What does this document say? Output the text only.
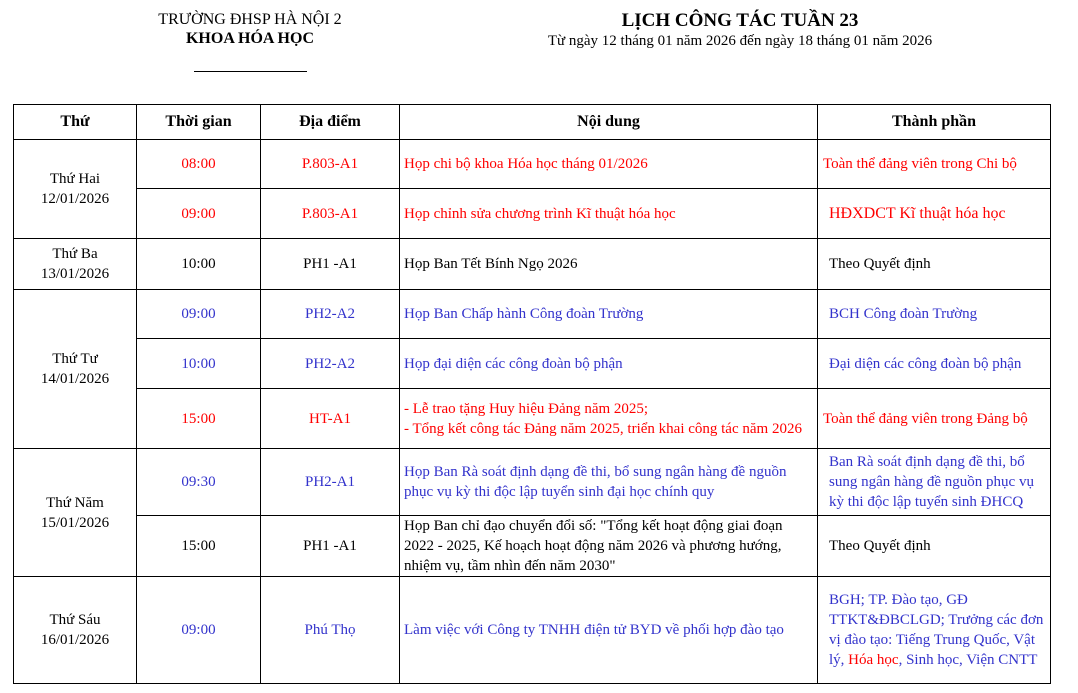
TRƯỜNG ĐHSP HÀ NỘI 2
KHOA HÓA HỌC
LỊCH CÔNG TÁC TUẦN 23
Từ ngày 12 tháng 01 năm 2026 đến ngày 18 tháng 01 năm 2026
Thứ	Thời gian	Địa điểm	Nội dung	Thành phần

Thứ Hai
12/01/2026	08:00	P.803-A1	Họp chi bộ khoa Hóa học tháng 01/2026	Toàn thể đảng viên trong Chi bộ
	09:00	P.803-A1	Họp chỉnh sửa chương trình Kĩ thuật hóa học	HĐXDCT Kĩ thuật hóa học

Thứ Ba
13/01/2026	10:00	PH1 -A1	Họp Ban Tết Bính Ngọ 2026	Theo Quyết định

Thứ Tư
14/01/2026	09:00	PH2-A2	Họp Ban Chấp hành Công đoàn Trường	BCH Công đoàn Trường
	10:00	PH2-A2	Họp đại diện các công đoàn bộ phận	Đại diện các công đoàn bộ phận
	15:00	HT-A1	- Lễ trao tặng Huy hiệu Đảng năm 2025;
- Tổng kết công tác Đảng năm 2025, triển khai công tác năm 2026	Toàn thể đảng viên trong Đảng bộ

Thứ Năm
15/01/2026	09:30	PH2-A1	Họp Ban Rà soát định dạng đề thi, bổ sung ngân hàng đề nguồn phục vụ kỳ thi độc lập tuyển sinh đại học chính quy	Ban Rà soát định dạng đề thi, bổ sung ngân hàng đề nguồn phục vụ kỳ thi độc lập tuyển sinh ĐHCQ
	15:00	PH1 -A1	Họp Ban chỉ đạo chuyển đổi số: "Tổng kết hoạt động giai đoạn 2022 - 2025, Kế hoạch hoạt động năm 2026 và phương hướng, nhiệm vụ, tầm nhìn đến năm 2030"	Theo Quyết định

Thứ Sáu
16/01/2026	09:00	Phú Thọ	Làm việc với Công ty TNHH điện tử BYD về phối hợp đào tạo	BGH; TP. Đào tạo, GĐ TTKT&ĐBCLGD; Trưởng các đơn vị đào tạo: Tiếng Trung Quốc, Vật lý, Hóa học, Sinh học, Viện CNTT
